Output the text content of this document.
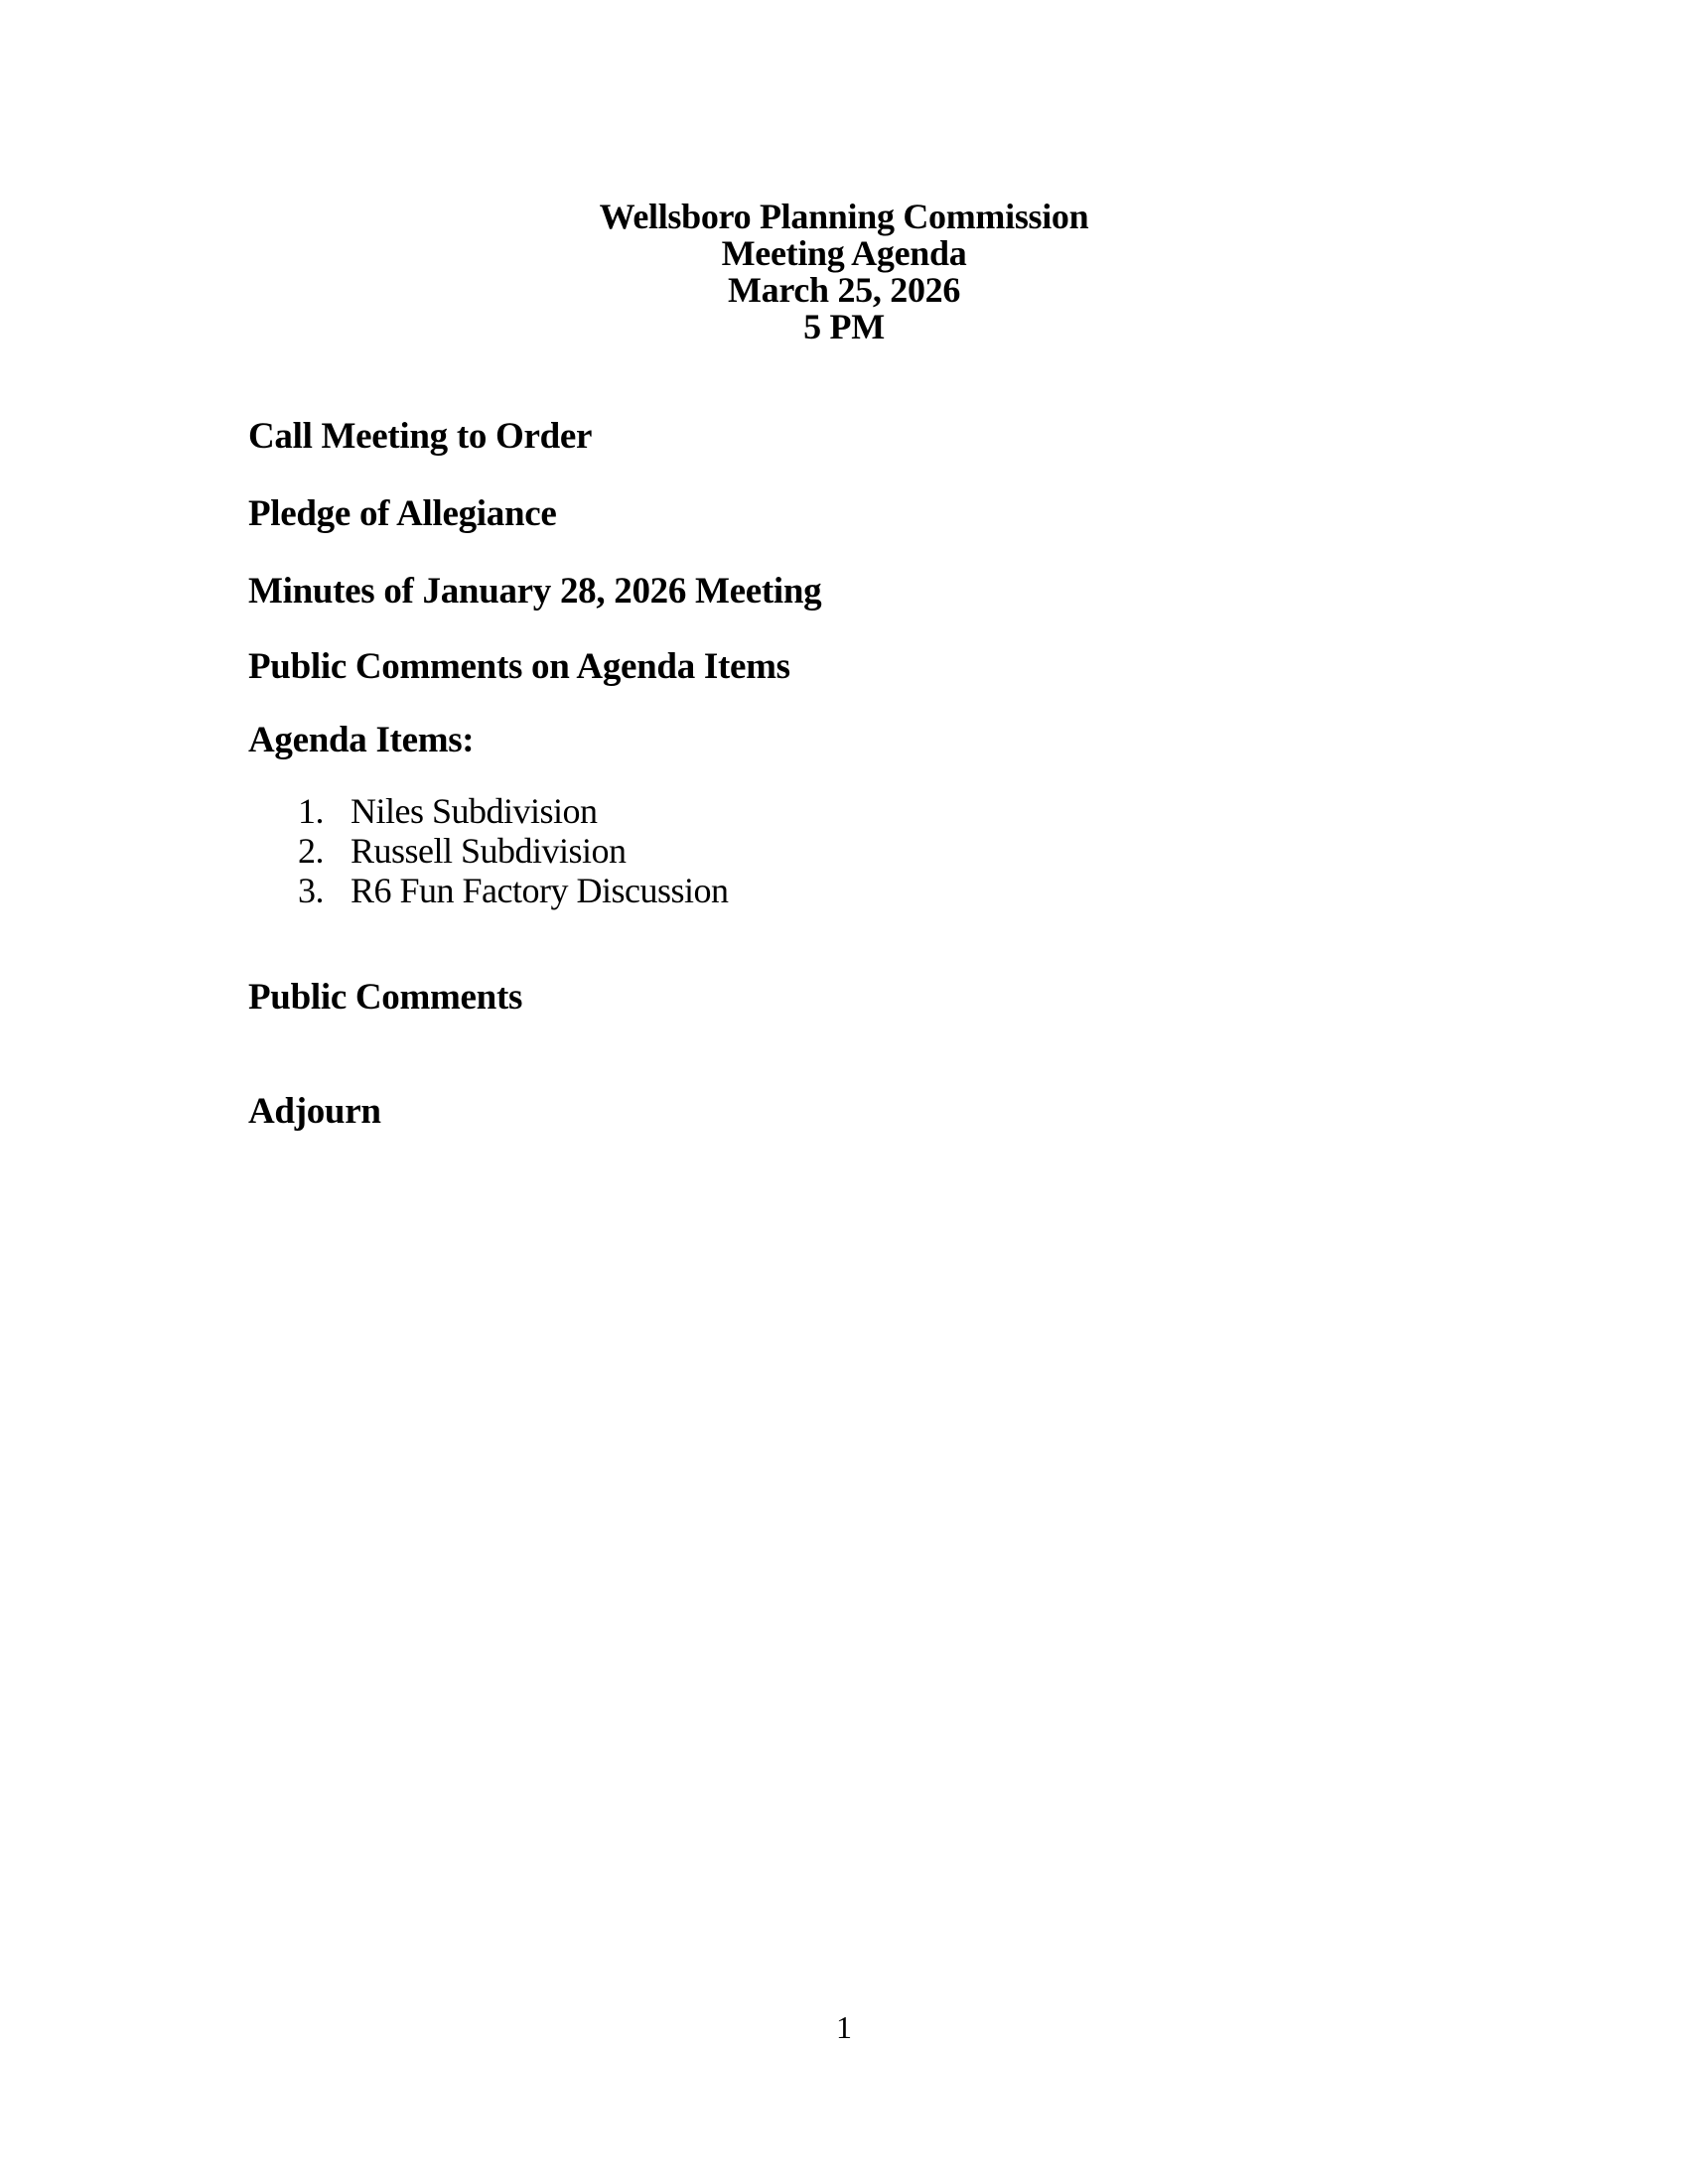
Wellsboro Planning Commission
Meeting Agenda
March 25, 2026
5 PM

Call Meeting to Order

Pledge of Allegiance

Minutes of January 28, 2026 Meeting

Public Comments on Agenda Items

Agenda Items:

1. Niles Subdivision
2. Russell Subdivision
3. R6 Fun Factory Discussion

Public Comments

Adjourn

1
